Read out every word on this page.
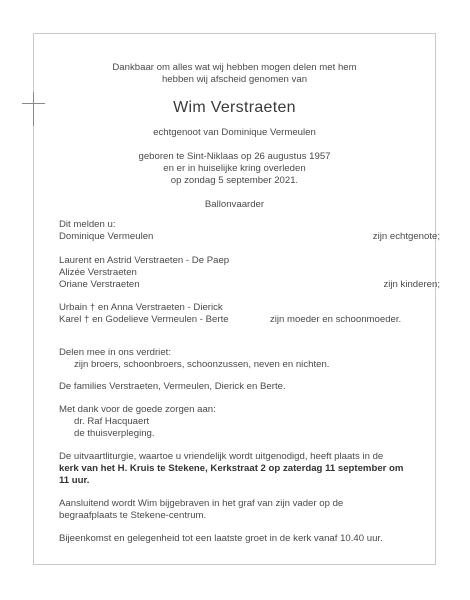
Dankbaar om alles wat wij hebben mogen delen met hem
hebben wij afscheid genomen van
Wim Verstraeten
echtgenoot van Dominique Vermeulen
geboren te Sint-Niklaas op 26 augustus 1957
en er in huiselijke kring overleden
op zondag 5 september 2021.
Ballonvaarder
Dit melden u:
Dominique Vermeulen	zijn echtgenote;
Laurent en Astrid Verstraeten - De Paep
Alizée Verstraeten
Oriane Verstraeten	zijn kinderen;
Urbain † en Anna Verstraeten - Dierick
Karel † en Godelieve Vermeulen - Berte	zijn moeder en schoonmoeder.
Delen mee in ons verdriet:
zijn broers, schoonbroers, schoonzussen, neven en nichten.
De families Verstraeten, Vermeulen, Dierick en Berte.
Met dank voor de goede zorgen aan:
dr. Raf Hacquaert
de thuisverpleging.
De uitvaartliturgie, waartoe u vriendelijk wordt uitgenodigd, heeft plaats in de
kerk van het H. Kruis te Stekene, Kerkstraat 2 op zaterdag 11 september om
11 uur.
Aansluitend wordt Wim bijgebraven in het graf van zijn vader op de
begraafplaats te Stekene-centrum.
Bijeenkomst en gelegenheid tot een laatste groet in de kerk vanaf 10.40 uur.
